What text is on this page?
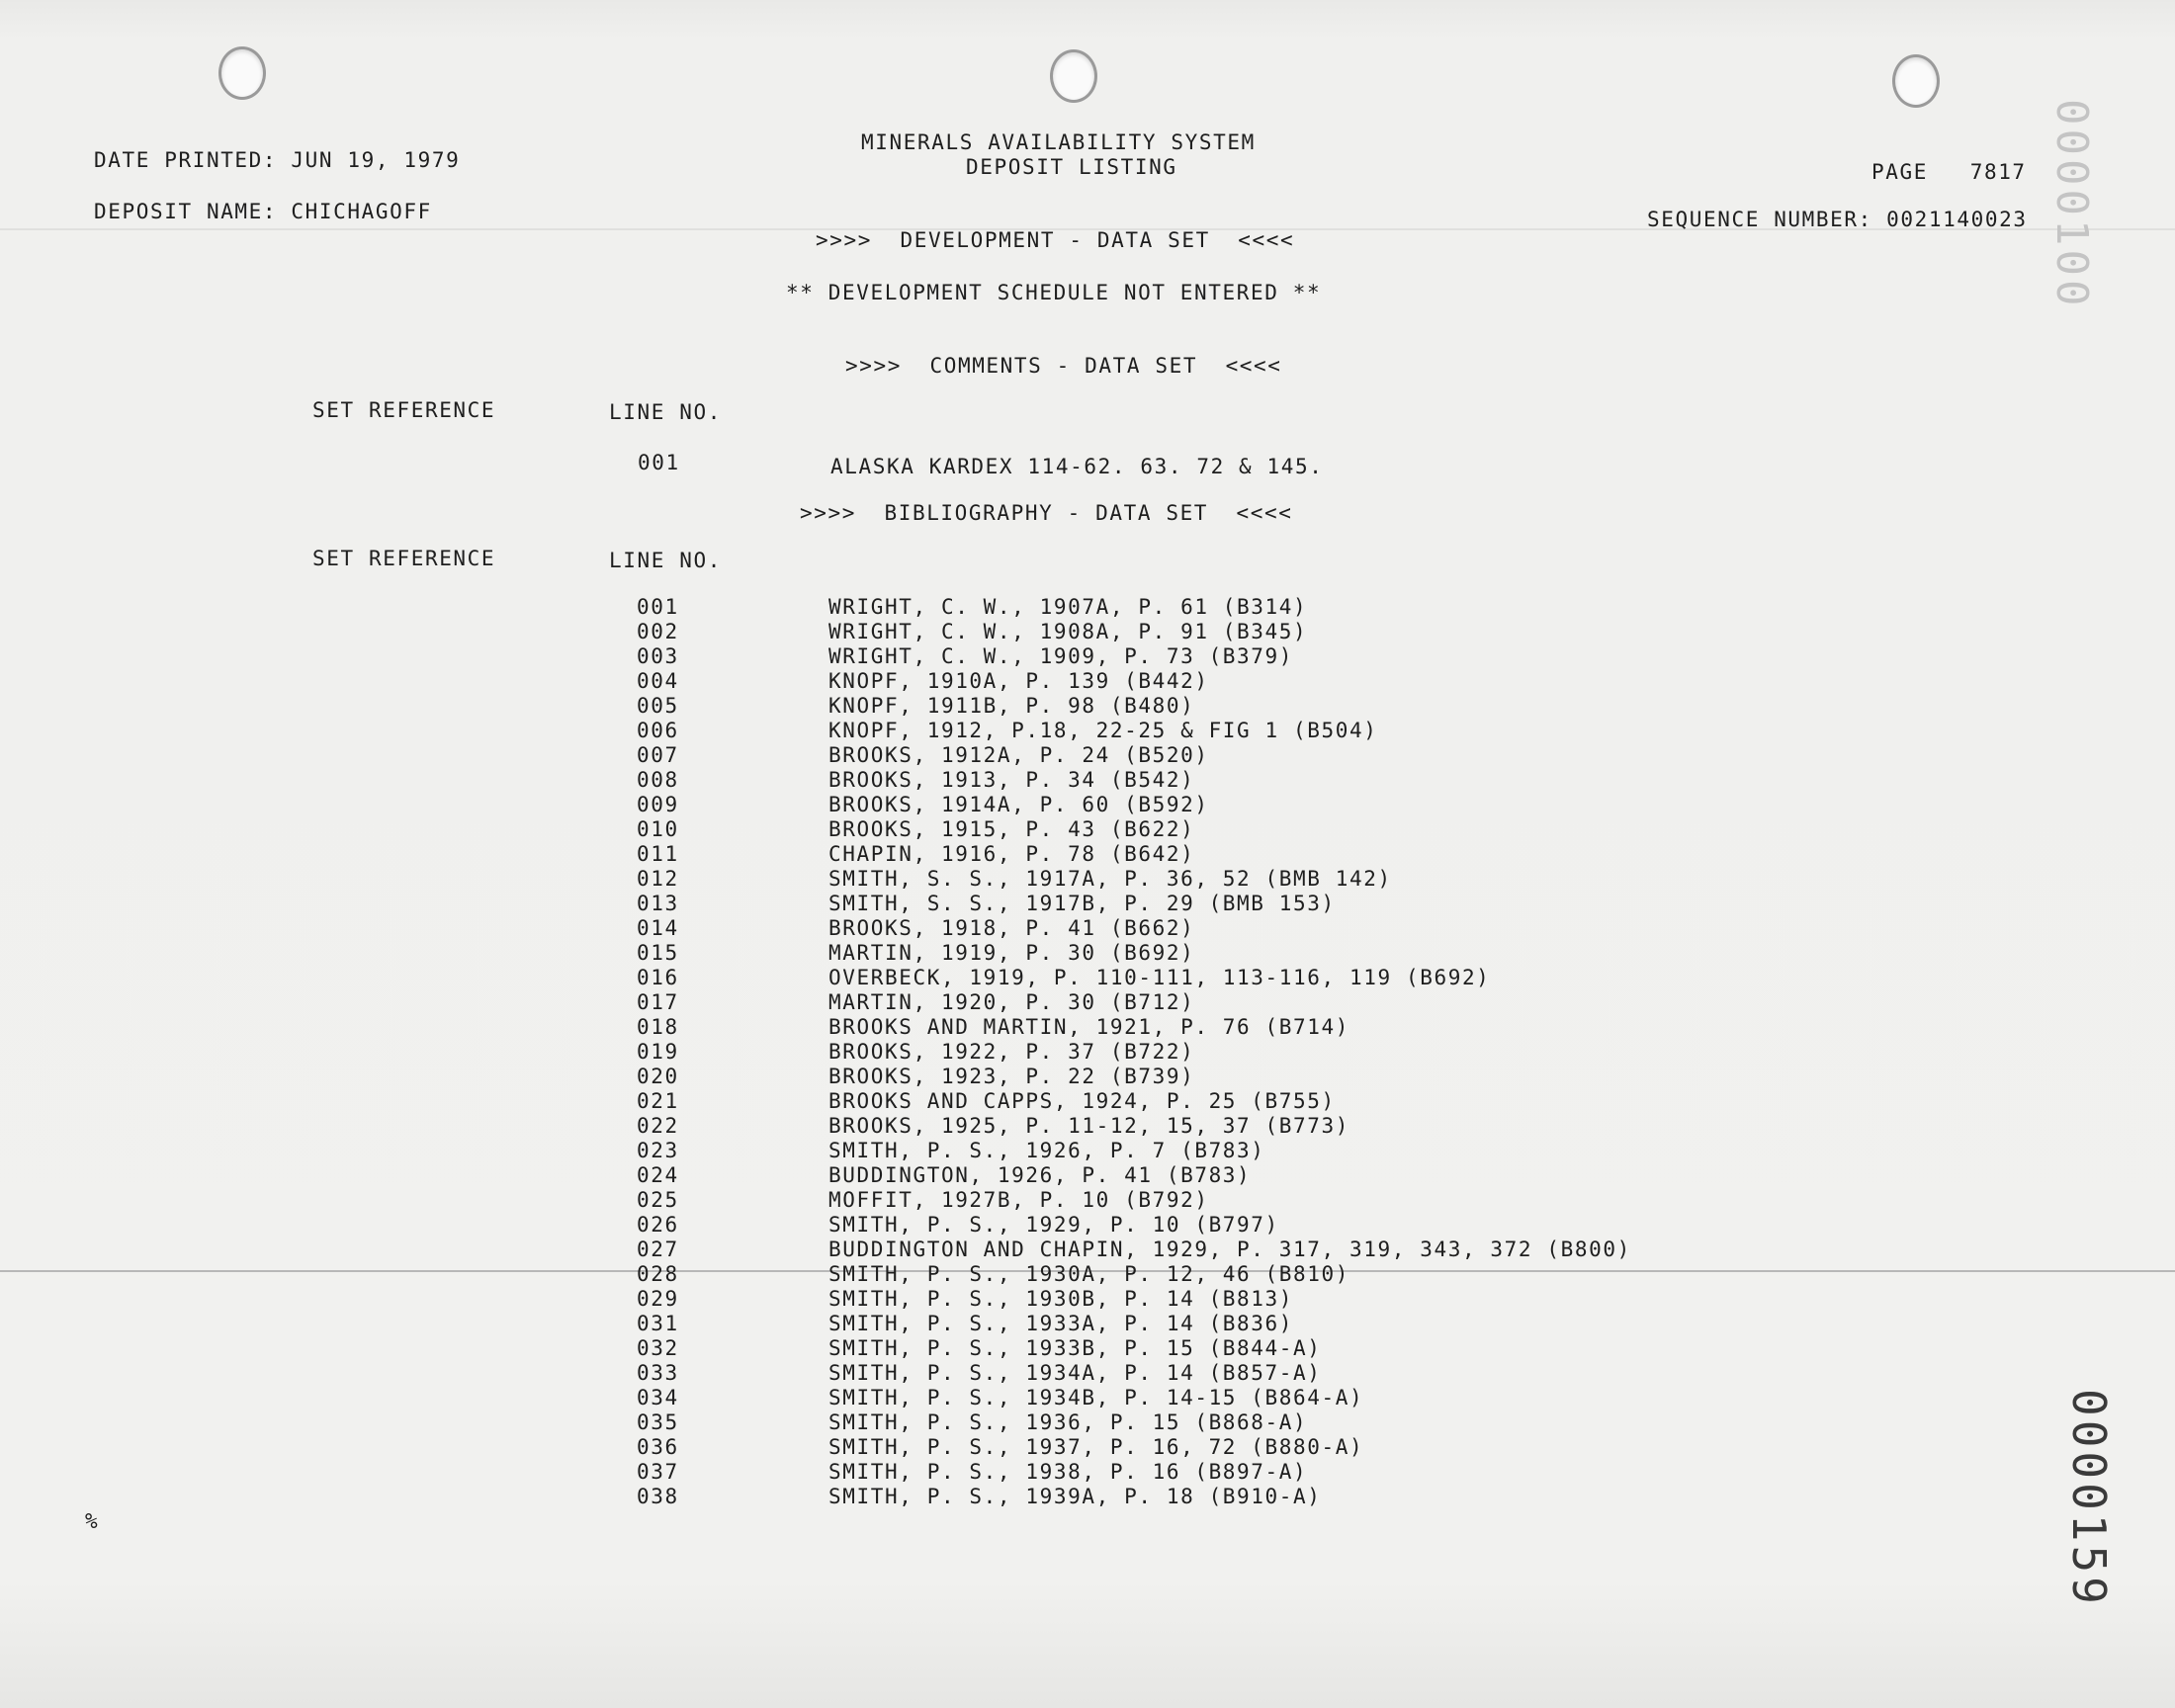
DATE PRINTED: JUN 19, 1979
DEPOSIT NAME: CHICHAGOFF
MINERALS AVAILABILITY SYSTEM
DEPOSIT LISTING	PAGE   7817
SEQUENCE NUMBER: 0021140023
>>>>  DEVELOPMENT - DATA SET  <<<<
** DEVELOPMENT SCHEDULE NOT ENTERED **
>>>>  COMMENTS - DATA SET  <<<<
SET REFERENCE	LINE NO.
001	ALASKA KARDEX 114-62. 63. 72 & 145.
>>>>  BIBLIOGRAPHY - DATA SET  <<<<
SET REFERENCE	LINE NO.
001	WRIGHT, C. W., 1907A, P. 61 (B314)
002	WRIGHT, C. W., 1908A, P. 91 (B345)
003	WRIGHT, C. W., 1909, P. 73 (B379)
004	KNOPF, 1910A, P. 139 (B442)
005	KNOPF, 1911B, P. 98 (B480)
006	KNOPF, 1912, P.18, 22-25 & FIG 1 (B504)
007	BROOKS, 1912A, P. 24 (B520)
008	BROOKS, 1913, P. 34 (B542)
009	BROOKS, 1914A, P. 60 (B592)
010	BROOKS, 1915, P. 43 (B622)
011	CHAPIN, 1916, P. 78 (B642)
012	SMITH, S. S., 1917A, P. 36, 52 (BMB 142)
013	SMITH, S. S., 1917B, P. 29 (BMB 153)
014	BROOKS, 1918, P. 41 (B662)
015	MARTIN, 1919, P. 30 (B692)
016	OVERBECK, 1919, P. 110-111, 113-116, 119 (B692)
017	MARTIN, 1920, P. 30 (B712)
018	BROOKS AND MARTIN, 1921, P. 76 (B714)
019	BROOKS, 1922, P. 37 (B722)
020	BROOKS, 1923, P. 22 (B739)
021	BROOKS AND CAPPS, 1924, P. 25 (B755)
022	BROOKS, 1925, P. 11-12, 15, 37 (B773)
023	SMITH, P. S., 1926, P. 7 (B783)
024	BUDDINGTON, 1926, P. 41 (B783)
025	MOFFIT, 1927B, P. 10 (B792)
026	SMITH, P. S., 1929, P. 10 (B797)
027	BUDDINGTON AND CHAPIN, 1929, P. 317, 319, 343, 372 (B800)
028	SMITH, P. S., 1930A, P. 12, 46 (B810)
029	SMITH, P. S., 1930B, P. 14 (B813)
031	SMITH, P. S., 1933A, P. 14 (B836)
032	SMITH, P. S., 1933B, P. 15 (B844-A)
033	SMITH, P. S., 1934A, P. 14 (B857-A)
034	SMITH, P. S., 1934B, P. 14-15 (B864-A)
035	SMITH, P. S., 1936, P. 15 (B868-A)
036	SMITH, P. S., 1937, P. 16, 72 (B880-A)
037	SMITH, P. S., 1938, P. 16 (B897-A)
038	SMITH, P. S., 1939A, P. 18 (B910-A)
%
0000100
0000159
